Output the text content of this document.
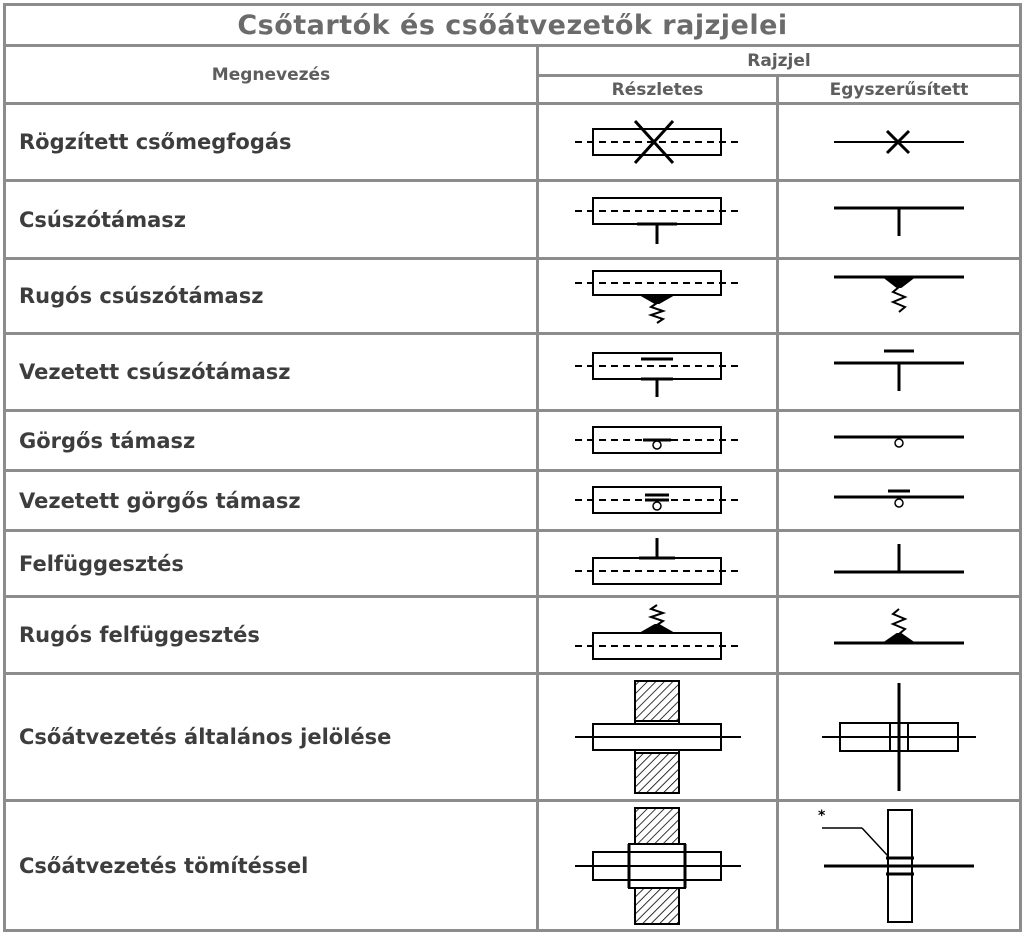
Csőtartók és csőátvezetők rajzjelei		
Megnevezés	Rajzjel	
	Részletes	Egyszerűsített
Rögzített csőmegfogás	

Csúszótámasz	

Rugós csúszótámasz	

Vezetett csúszótámasz	

Görgős támasz	

Vezetett görgős támasz	

Felfüggesztés	

Rugós felfüggesztés	

Csőátvezetés általános jelölése	

Csőátvezetés tömítéssel		*
